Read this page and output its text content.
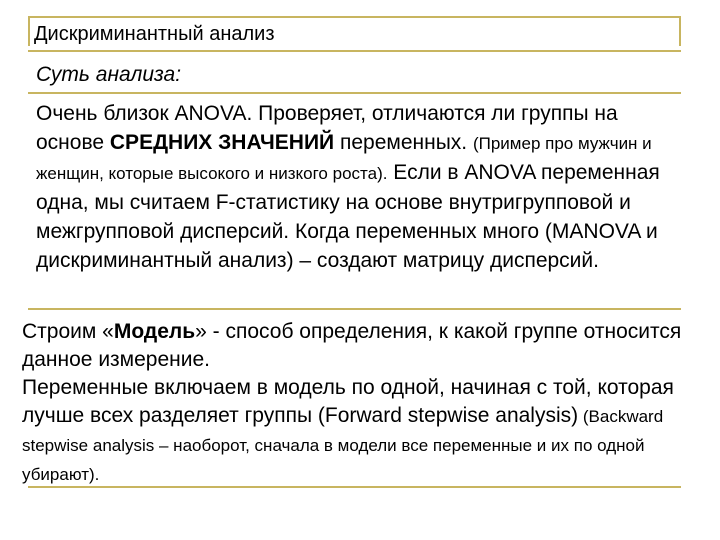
Дискриминантный анализ
Суть анализа:
Очень близок ANOVA. Проверяет, отличаются ли группы на основе СРЕДНИХ ЗНАЧЕНИЙ переменных. (Пример про мужчин и женщин, которые высокого и низкого роста). Если в ANOVA переменная одна, мы считаем F-статистику на основе внутригрупповой и межгрупповой дисперсий. Когда переменных много (MANOVA и дискриминантный анализ) – создают матрицу дисперсий.
Строим «Модель» - способ определения, к какой группе относится данное измерение.
Переменные включаем в модель по одной, начиная с той, которая лучше всех разделяет группы (Forward stepwise analysis) (Backward stepwise analysis – наоборот, сначала в модели все переменные и их по одной убирают).
